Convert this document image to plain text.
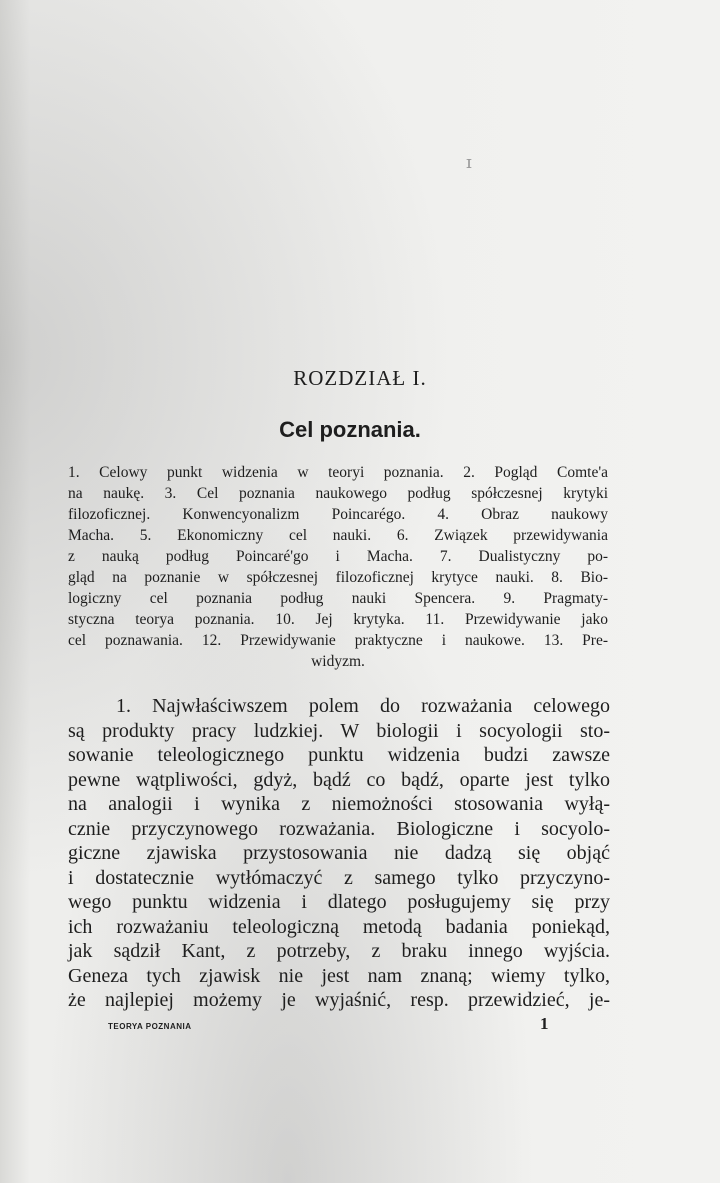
ɪ
ROZDZIAŁ I.
Cel poznania.
1. Celowy punkt widzenia w teoryi poznania. 2. Pogląd Comte'a
na naukę. 3. Cel poznania naukowego podług spółczesnej krytyki
filozoficznej. Konwencyonalizm Poincarégo. 4. Obraz naukowy
Macha. 5. Ekonomiczny cel nauki. 6. Związek przewidywania
z nauką podług Poincaré'go i Macha. 7. Dualistyczny po-
gląd na poznanie w spółczesnej filozoficznej krytyce nauki. 8. Bio-
logiczny cel poznania podług nauki Spencera. 9. Pragmaty-
styczna teorya poznania. 10. Jej krytyka. 11. Przewidywanie jako
cel poznawania. 12. Przewidywanie praktyczne i naukowe. 13. Pre-
widyzm.
1. Najwłaściwszem polem do rozważania celowego
są produkty pracy ludzkiej. W biologii i socyologii sto-
sowanie teleologicznego punktu widzenia budzi zawsze
pewne wątpliwości, gdyż, bądź co bądź, oparte jest tylko
na analogii i wynika z niemożności stosowania wyłą-
cznie przyczynowego rozważania. Biologiczne i socyolo-
giczne zjawiska przystosowania nie dadzą się objąć
i dostatecznie wytłómaczyć z samego tylko przyczyno-
wego punktu widzenia i dlatego posługujemy się przy
ich rozważaniu teleologiczną metodą badania poniekąd,
jak sądził Kant, z potrzeby, z braku innego wyjścia.
Geneza tych zjawisk nie jest nam znaną; wiemy tylko,
że najlepiej możemy je wyjaśnić, resp. przewidzieć, je-
TEORYA POZNANIA	1
